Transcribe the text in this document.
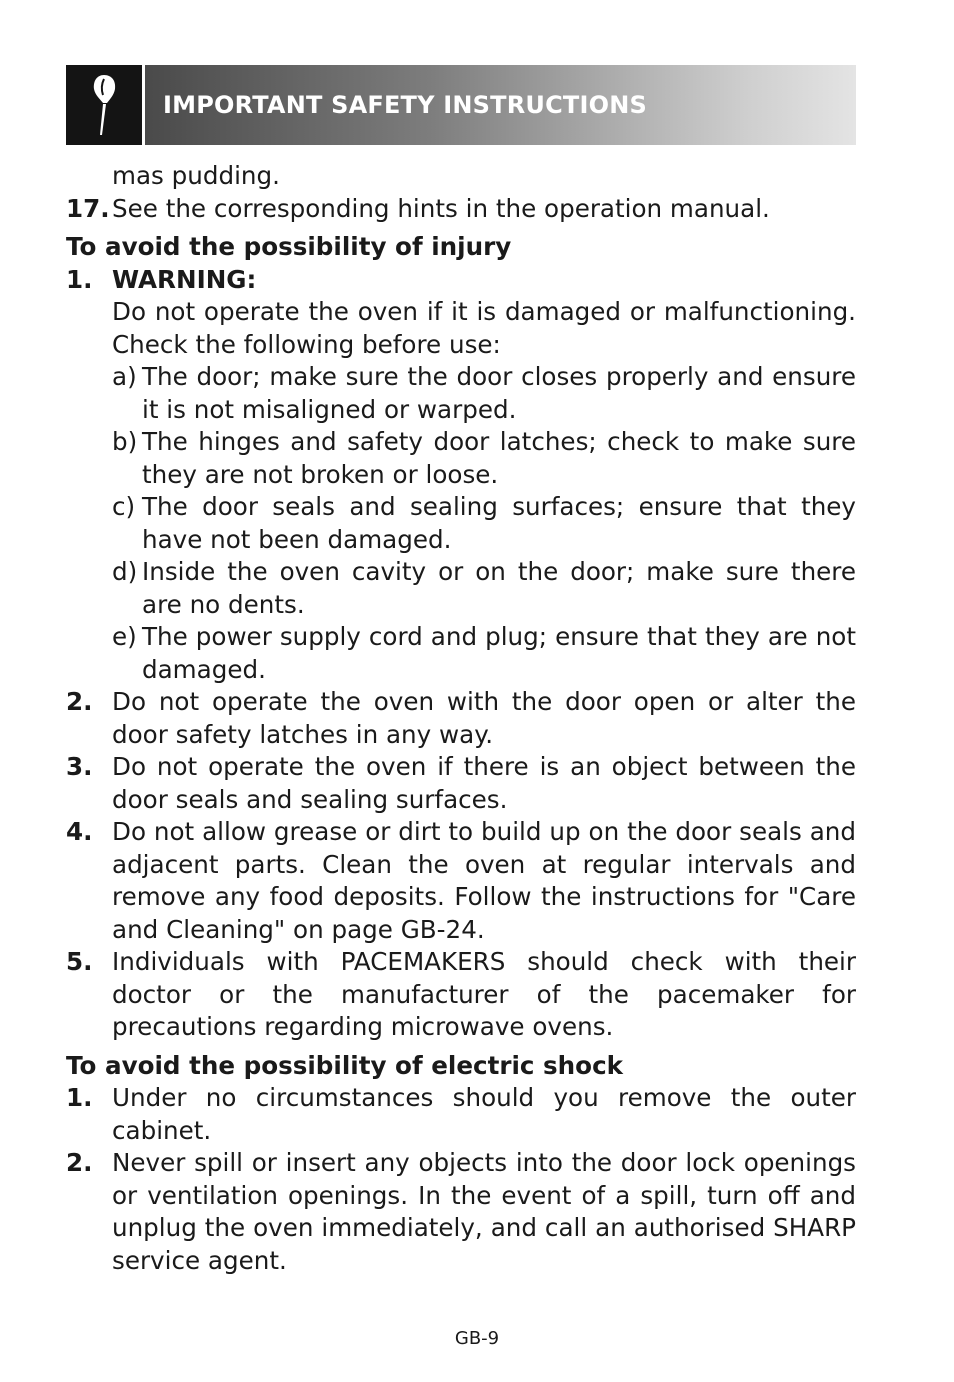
IMPORTANT SAFETY INSTRUCTIONS
mas pudding.
17. See the corresponding hints in the operation manual.
To avoid the possibility of injury
1. WARNING:
Do not operate the oven if it is damaged or malfunctioning. Check the following before use:
a) The door; make sure the door closes properly and ensure it is not misaligned or warped.
b) The hinges and safety door latches; check to make sure they are not broken or loose.
c) The door seals and sealing surfaces; ensure that they have not been damaged.
d) Inside the oven cavity or on the door; make sure there are no dents.
e) The power supply cord and plug; ensure that they are not damaged.
2. Do not operate the oven with the door open or alter the door safety latches in any way.
3. Do not operate the oven if there is an object between the door seals and sealing surfaces.
4. Do not allow grease or dirt to build up on the door seals and adjacent parts. Clean the oven at regular intervals and remove any food deposits. Follow the instructions for "Care and Cleaning" on page GB-24.
5. Individuals with PACEMAKERS should check with their doctor or the manufacturer of the pacemaker for precautions regarding microwave ovens.
To avoid the possibility of electric shock
1. Under no circumstances should you remove the outer cabinet.
2. Never spill or insert any objects into the door lock openings or ventilation openings. In the event of a spill, turn off and unplug the oven immediately, and call an authorised SHARP service agent.
GB-9
